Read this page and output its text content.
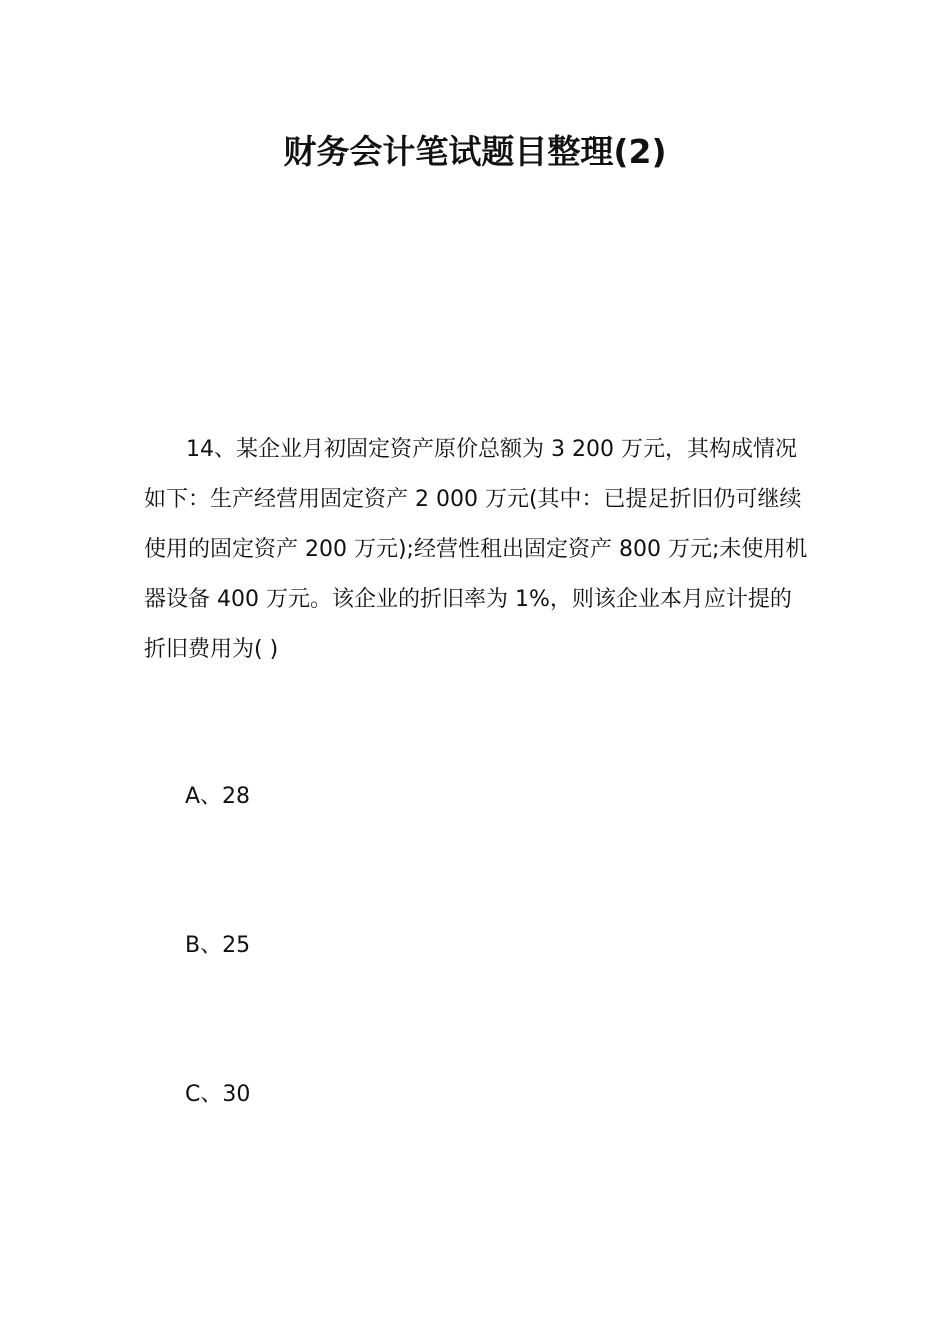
财务会计笔试题目整理(2)

14、某企业月初固定资产原价总额为 3 200 万元，其构成情况如下：生产经营用固定资产 2 000 万元(其中：已提足折旧仍可继续使用的固定资产 200 万元);经营性租出固定资产 800 万元;未使用机器设备 400 万元。该企业的折旧率为 1%，则该企业本月应计提的折旧费用为( )

A、28

B、25

C、30
